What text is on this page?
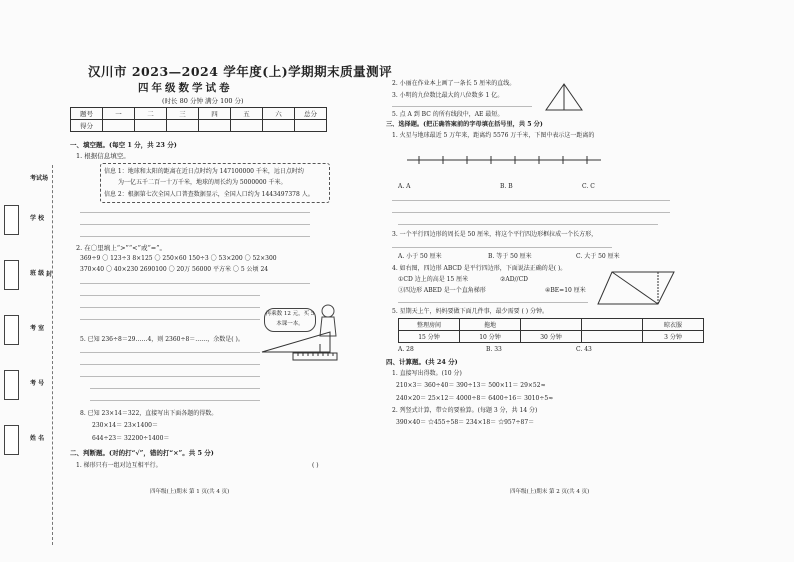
考试场
学 校
班 级 封
考 室
考 号
姓 名
汉川市 2023—2024 学年度(上)学期期末质量测评
四年级数学试卷
(时长 80 分钟 满分 100 分)
题号	一	二	三	四	五	六	总分
得分							
一、填空题。(每空 1 分，共 23 分)
1. 根据信息填空。
信息 1：地球和太阳的距离在近日点时约为 147100000 千米，远日点时约
为一亿五千二百一十万千米，地球的周长约为 5000000 千米。
信息 2：根据第七次全国人口普查数据显示，全国人口约为 1443497378 人。
2. 在〇里填上“>”“<”或“=”。
369÷9 〇 123÷3 8×125 〇 250×60 150÷3 〇 53×200 〇 52×300
370×40 〇 40×230 2690100 〇 20万 56000 平方米 〇 5 公顷 24
再乘数 12 元，买 5 本课一本。
5. 已知 236÷8＝29……4，则 2360÷8＝……，余数是( )。
8. 已知 23×14＝322，直接写出下面各题的得数。
230×14＝ 23×1400＝
644÷23＝ 32200÷1400＝
二、判断题。(对的打“√”，错的打“×”。共 5 分)
1. 梯形只有一组对边互相平行。	( )
四年级(上)期末 第 1 页(共 4 页)
2. 小丽在作业本上画了一条长 5 厘米的直线。
3. 小明的九位数比最大的八位数多 1 亿。
5. 点 A 到 BC 的所有线段中，AE 最短。
三、选择题。(把正确答案前的字母填在括号里，共 5 分)
1. 火星与地球最近 5 万年来，距离约 5576 万千米，下图中表示这一距离的
A. A	B. B	C. C
3. 一个平行四边形的周长是 50 厘米，将这个平行四边形框拉成一个长方形，
A. 小于 50 厘米	B. 等于 50 厘米	C. 大于 50 厘米
4. 如右图，四边形 ABCD 是平行四边形，下面说法正确的是( )。
①CD 边上的高是 15 厘米	②AD//CD
③四边形 ABED 是一个直角梯形	④BE=10 厘米
5. 星期天上午，妈妈要做下面几件事，最少需要 ( ) 分钟。
整理房间	拖地			晾衣服
15 分钟	10 分钟	30 分钟		3 分钟
A. 28	B. 33	C. 43
四、计算题。(共 24 分)
1. 直接写出得数。(10 分)
210×3＝ 360÷40＝ 390÷13＝ 500×11＝ 29×52≈
240×20＝ 25×12＝ 4000÷8＝ 6400÷16＝ 3010÷5≈
2. 列竖式计算，带☆的要验算。(每题 3 分，共 14 分)
390×40＝ ☆455÷58＝ 234×18＝ ☆957÷87＝
四年级(上)期末 第 2 页(共 4 页)
